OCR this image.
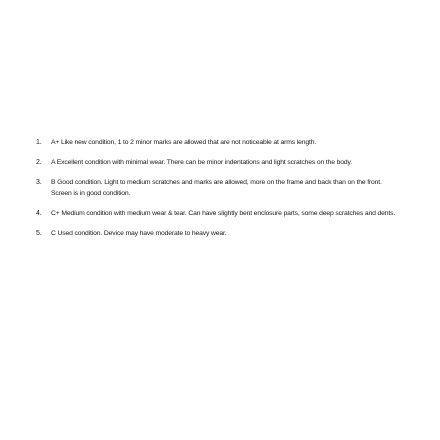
1.	A+ Like new condition, 1 to 2 minor marks are allowed that are not noticeable at arms length.
2.	A Excellent condition with minimal wear. There can be minor indentations and light scratches on the body.
3.	B Good condition. Light to medium scratches and marks are allowed, more on the frame and back than on the front. Screen is in good condition.
4.	C+ Medium condition with medium wear & tear. Can have slightly bent enclosure parts, some deep scratches and dents.
5.	C Used condition. Device may have moderate to heavy wear.
